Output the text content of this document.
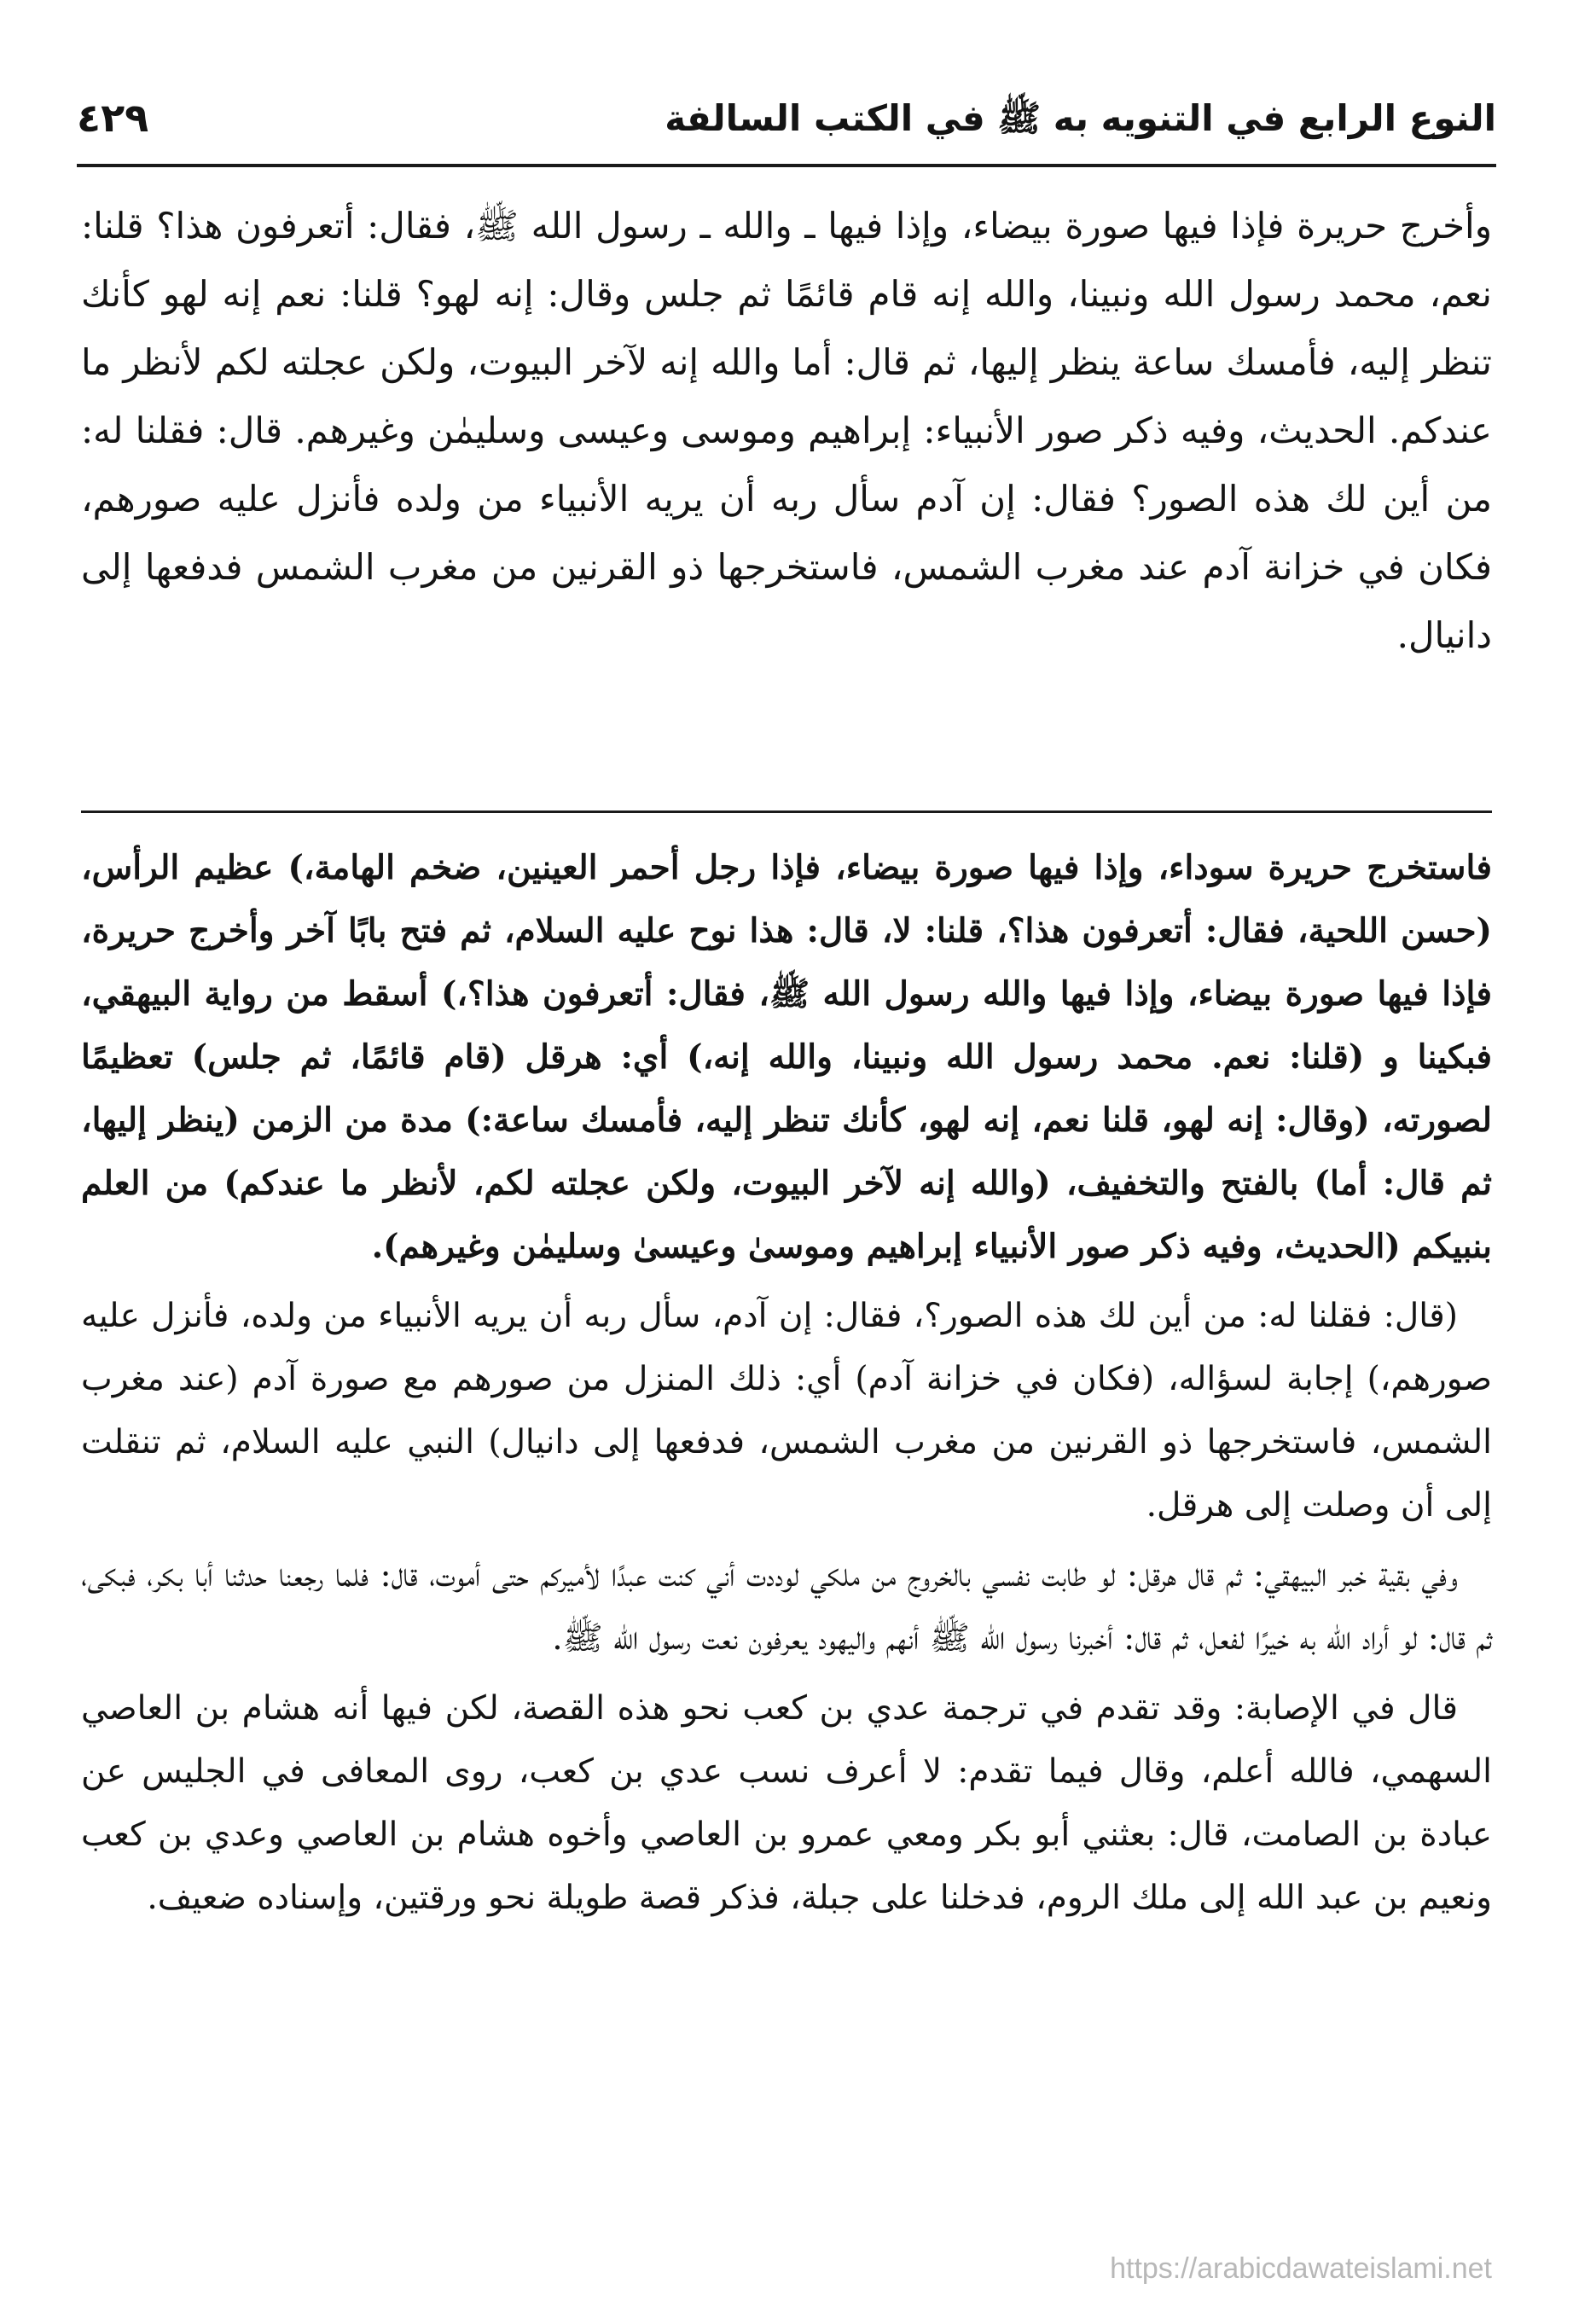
النوع الرابع في التنويه به ﷺ في الكتب السالفة
٤٢٩
وأخرج حريرة فإذا فيها صورة بيضاء، وإذا فيها ـ والله ـ رسول الله ﷺ، فقال: أتعرفون هذا؟ قلنا: نعم، محمد رسول الله ونبينا، والله إنه قام قائمًا ثم جلس وقال: إنه لهو؟ قلنا: نعم إنه لهو كأنك تنظر إليه، فأمسك ساعة ينظر إليها، ثم قال: أما والله إنه لآخر البيوت، ولكن عجلته لكم لأنظر ما عندكم. الحديث، وفيه ذكر صور الأنبياء: إبراهيم وموسى وعيسى وسليمٰن وغيرهم. قال: فقلنا له: من أين لك هذه الصور؟ فقال: إن آدم سأل ربه أن يريه الأنبياء من ولده فأنزل عليه صورهم، فكان في خزانة آدم عند مغرب الشمس، فاستخرجها ذو القرنين من مغرب الشمس فدفعها إلى دانيال.

فاستخرج حريرة سوداء، وإذا فيها صورة بيضاء، فإذا رجل أحمر العينين، ضخم الهامة،) عظيم الرأس، (حسن اللحية، فقال: أتعرفون هذا؟، قلنا: لا، قال: هذا نوح عليه السلام، ثم فتح بابًا آخر وأخرج حريرة، فإذا فيها صورة بيضاء، وإذا فيها والله رسول الله ﷺ، فقال: أتعرفون هذا؟،) أسقط من رواية البيهقي، فبكينا و (قلنا: نعم. محمد رسول الله ونبينا، والله إنه،) أي: هرقل (قام قائمًا، ثم جلس) تعظيمًا لصورته، (وقال: إنه لهو، قلنا نعم، إنه لهو، كأنك تنظر إليه، فأمسك ساعة:) مدة من الزمن (ينظر إليها، ثم قال: أما) بالفتح والتخفيف، (والله إنه لآخر البيوت، ولكن عجلته لكم، لأنظر ما عندكم) من العلم بنبيكم (الحديث، وفيه ذكر صور الأنبياء إبراهيم وموسىٰ وعيسىٰ وسليمٰن وغيرهم).

(قال: فقلنا له: من أين لك هذه الصور؟، فقال: إن آدم، سأل ربه أن يريه الأنبياء من ولده، فأنزل عليه صورهم،) إجابة لسؤاله، (فكان في خزانة آدم) أي: ذلك المنزل من صورهم مع صورة آدم (عند مغرب الشمس، فاستخرجها ذو القرنين من مغرب الشمس، فدفعها إلى دانيال) النبي عليه السلام، ثم تنقلت إلى أن وصلت إلى هرقل.

وفي بقية خبر البيهقي: ثم قال هرقل: لو طابت نفسي بالخروج من ملكي لوددت أني كنت عبدًا لأميركم حتى أموت، قال: فلما رجعنا حدثنا أبا بكر، فبكى، ثم قال: لو أراد الله به خيرًا لفعل، ثم قال: أخبرنا رسول الله ﷺ أنهم واليهود يعرفون نعت رسول الله ﷺ.

قال في الإصابة: وقد تقدم في ترجمة عدي بن كعب نحو هذه القصة، لكن فيها أنه هشام بن العاصي السهمي، فالله أعلم، وقال فيما تقدم: لا أعرف نسب عدي بن كعب، روى المعافى في الجليس عن عبادة بن الصامت، قال: بعثني أبو بكر ومعي عمرو بن العاصي وأخوه هشام بن العاصي وعدي بن كعب ونعيم بن عبد الله إلى ملك الروم، فدخلنا على جبلة، فذكر قصة طويلة نحو ورقتين، وإسناده ضعيف.

https://arabicdawateislami.net
